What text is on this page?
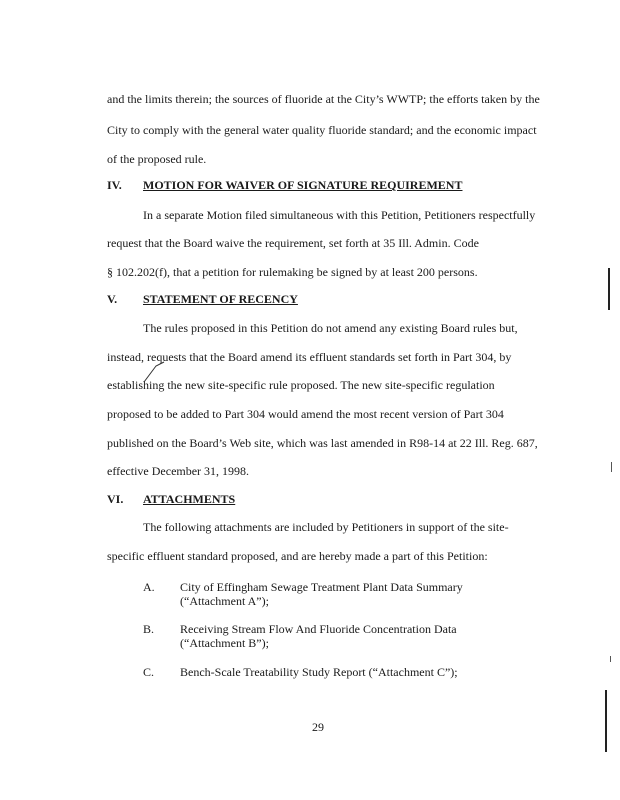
and the limits therein; the sources of fluoride at the City’s WWTP; the efforts taken by the
City to comply with the general water quality fluoride standard; and the economic impact
of the proposed rule.
IV. MOTION FOR WAIVER OF SIGNATURE REQUIREMENT
In a separate Motion filed simultaneous with this Petition, Petitioners respectfully
request that the Board waive the requirement, set forth at 35 Ill. Admin. Code
§ 102.202(f), that a petition for rulemaking be signed by at least 200 persons.
V. STATEMENT OF RECENCY
The rules proposed in this Petition do not amend any existing Board rules but,
instead, requests that the Board amend its effluent standards set forth in Part 304, by
establishing the new site-specific rule proposed. The new site-specific regulation
proposed to be added to Part 304 would amend the most recent version of Part 304
published on the Board’s Web site, which was last amended in R98-14 at 22 Ill. Reg. 687,
effective December 31, 1998.
VI. ATTACHMENTS
The following attachments are included by Petitioners in support of the site-
specific effluent standard proposed, and are hereby made a part of this Petition:
A. City of Effingham Sewage Treatment Plant Data Summary
(“Attachment A”);
B. Receiving Stream Flow And Fluoride Concentration Data
(“Attachment B”);
C. Bench-Scale Treatability Study Report (“Attachment C”);
29
